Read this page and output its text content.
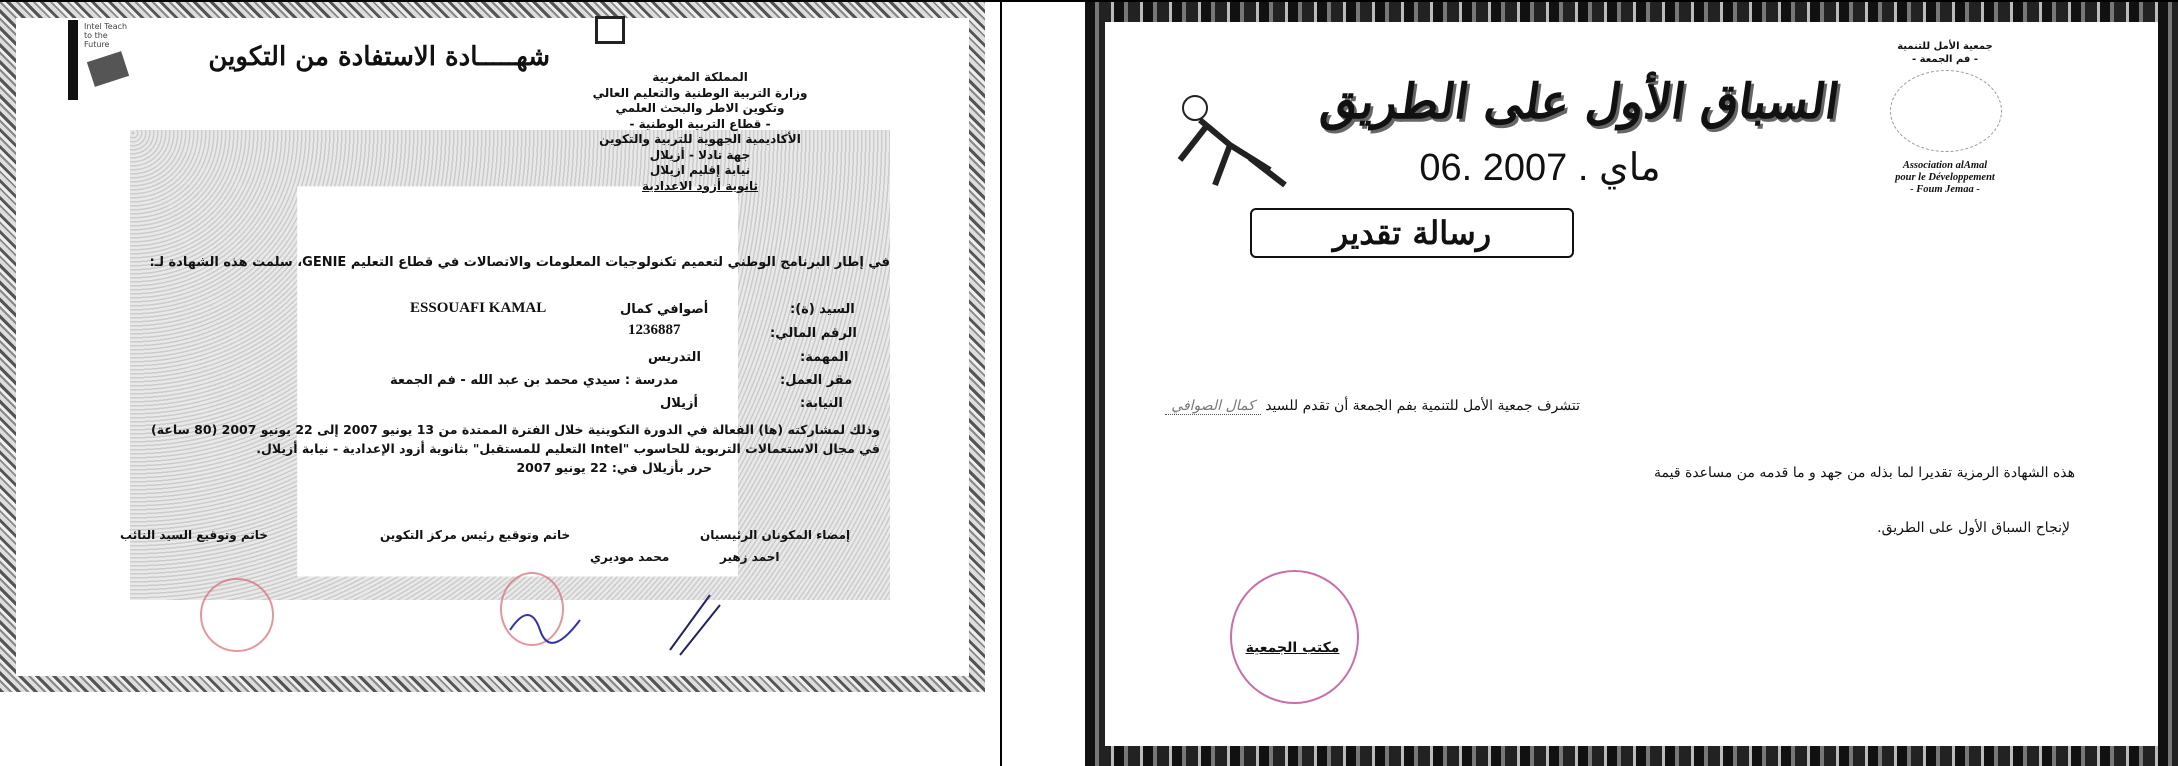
Intel Teach to the Future	شهـــــادة الاستفادة من التكوين
المملكة المغربية
وزارة التربية الوطنية والتعليم العالي
وتكوين الاطر والبحث العلمي
- قطاع التربية الوطنية -
الأكاديمية الجهوية للتربية والتكوين
جهة تادلا - أزيلال
نيابة إقليم ازيلال
ثانوية أزود الاعدادية
في إطار البرنامج الوطني لتعميم تكنولوجيات المعلومات والاتصالات في قطاع التعليم GENIE، سلمت هذه الشهادة لـ:
السيد (ة):
أصوافي كمال
ESSOUAFI KAMAL
الرقم المالي:
1236887
المهمة:
التدريس
مقر العمل:
مدرسة : سيدي محمد بن عبد الله - فم الجمعة
النيابة:
أزيلال
وذلك لمشاركته (ها) الفعالة في الدورة التكوينية خلال الفترة الممتدة من 13 يونيو 2007 إلى 22 يونيو 2007 (80 ساعة)
في مجال الاستعمالات التربوية للحاسوب "Intel التعليم للمستقبل" بثانوية أزود الإعدادية - نيابة أزيلال.
حرر بأزيلال في: 22 يونيو 2007
إمضاء المكونان الرئيسيان
محمد موديري	احمد زهير
خاتم وتوقيع رئيس مركز التكوين
خاتم وتوقيع السيد النائب
السباق الأول على الطريق
06. ماي . 2007
رسالة تقدير
جمعية الأمل للتنمية
- فم الجمعة -
Association alAmal
pour le Développement
- Foum Jemaa -
تتشرف جمعية الأمل للتنمية بفم الجمعة أن تقدم للسيد كمال الصوافي
هذه الشهادة الرمزية تقديرا لما بذله من جهد و ما قدمه من مساعدة قيمة
لإنجاح السباق الأول على الطريق.
مكتب الجمعية
